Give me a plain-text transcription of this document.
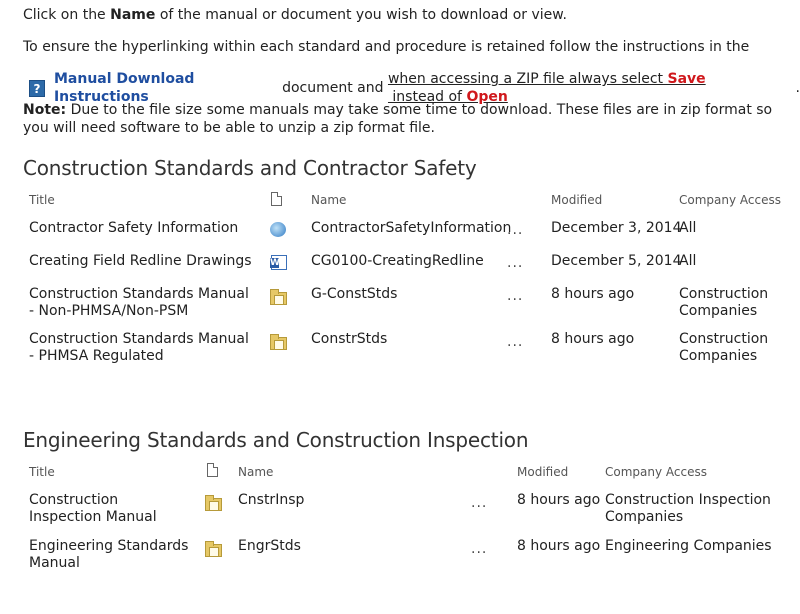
Click on the Name of the manual or document you wish to download or view.
To ensure the hyperlinking within each standard and procedure is retained follow the instructions in the
?
Manual Download Instructions
document and
when accessing a ZIP file always select Save instead of Open
.
Note: Due to the file size some manuals may take some time to download. These files are in zip format so you will need software to be able to unzip a zip format file.
Construction Standards and Contractor Safety
Title	Name	Modified	Company Access
Contractor Safety Information	ContractorSafetyInformation
... December 3, 2014
All
Creating Field Redline Drawings
W	CG0100-CreatingRedline ... December 5, 2014
All
Construction Standards Manual - Non-PHMSA/Non-PSM
G-ConstStds	... 8 hours ago	Construction Companies
Construction Standards Manual - PHMSA Regulated
ConstrStds	... 8 hours ago	Construction Companies
Engineering Standards and Construction Inspection
Title	Name	Modified	Company Access
Construction Inspection Manual
CnstrInsp	... 8 hours ago Construction Inspection Companies
Engineering Standards Manual
EngrStds	... 8 hours ago Engineering Companies
